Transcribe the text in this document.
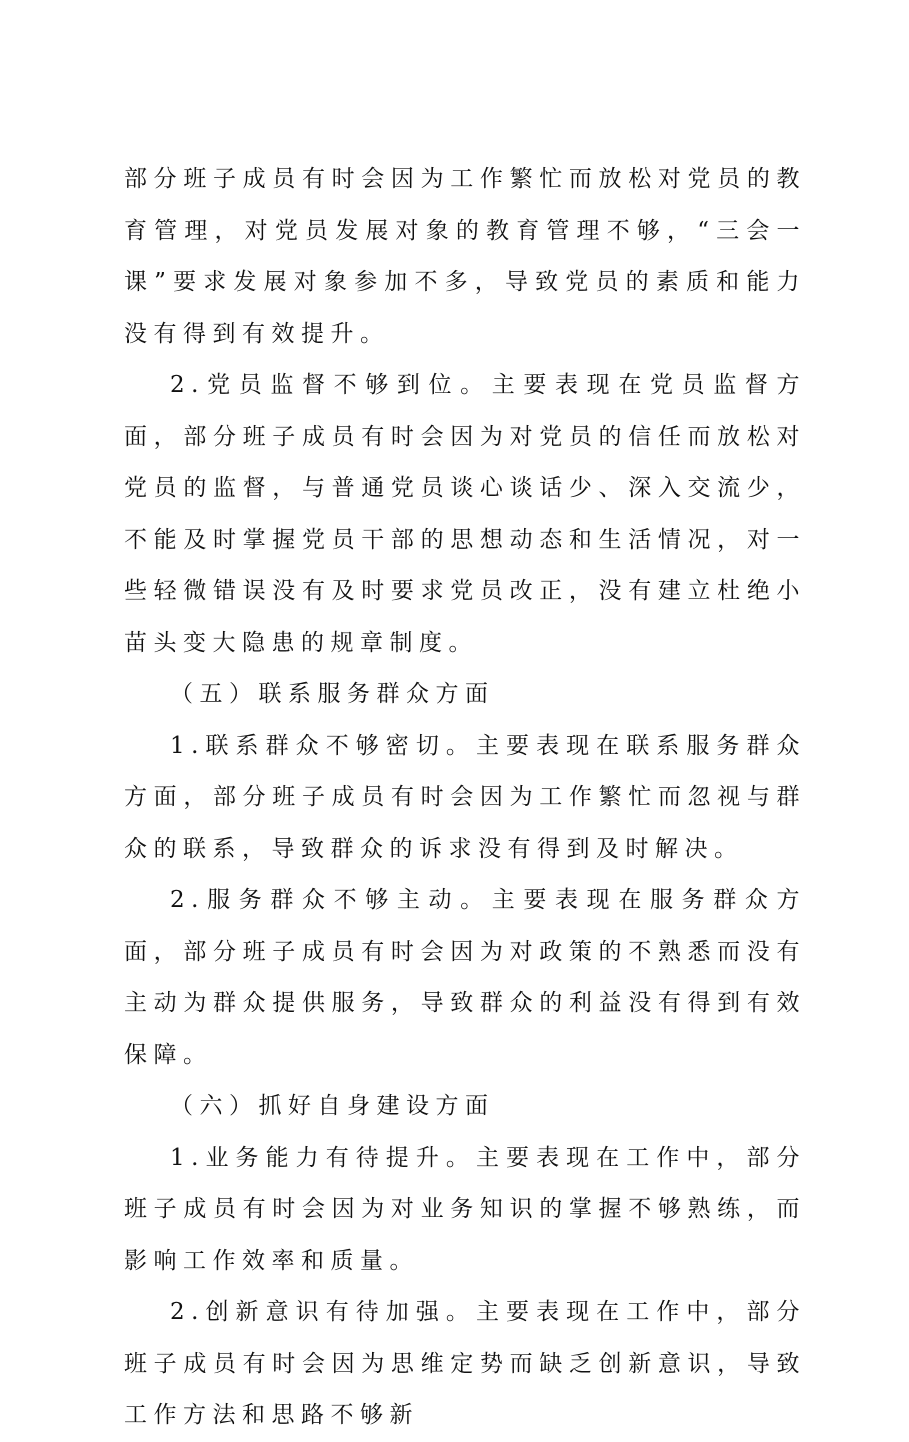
部分班子成员有时会因为工作繁忙而放松对党员的教育管理，对党员发展对象的教育管理不够，“三会一课”要求发展对象参加不多，导致党员的素质和能力没有得到有效提升。

2.党员监督不够到位。主要表现在党员监督方面，部分班子成员有时会因为对党员的信任而放松对党员的监督，与普通党员谈心谈话少、深入交流少，不能及时掌握党员干部的思想动态和生活情况，对一些轻微错误没有及时要求党员改正，没有建立杜绝小苗头变大隐患的规章制度。

（五）联系服务群众方面

1.联系群众不够密切。主要表现在联系服务群众方面，部分班子成员有时会因为工作繁忙而忽视与群众的联系，导致群众的诉求没有得到及时解决。

2.服务群众不够主动。主要表现在服务群众方面，部分班子成员有时会因为对政策的不熟悉而没有主动为群众提供服务，导致群众的利益没有得到有效保障。

（六）抓好自身建设方面

1.业务能力有待提升。主要表现在工作中，部分班子成员有时会因为对业务知识的掌握不够熟练，而影响工作效率和质量。

2.创新意识有待加强。主要表现在工作中，部分班子成员有时会因为思维定势而缺乏创新意识，导致工作方法和思路不够新
